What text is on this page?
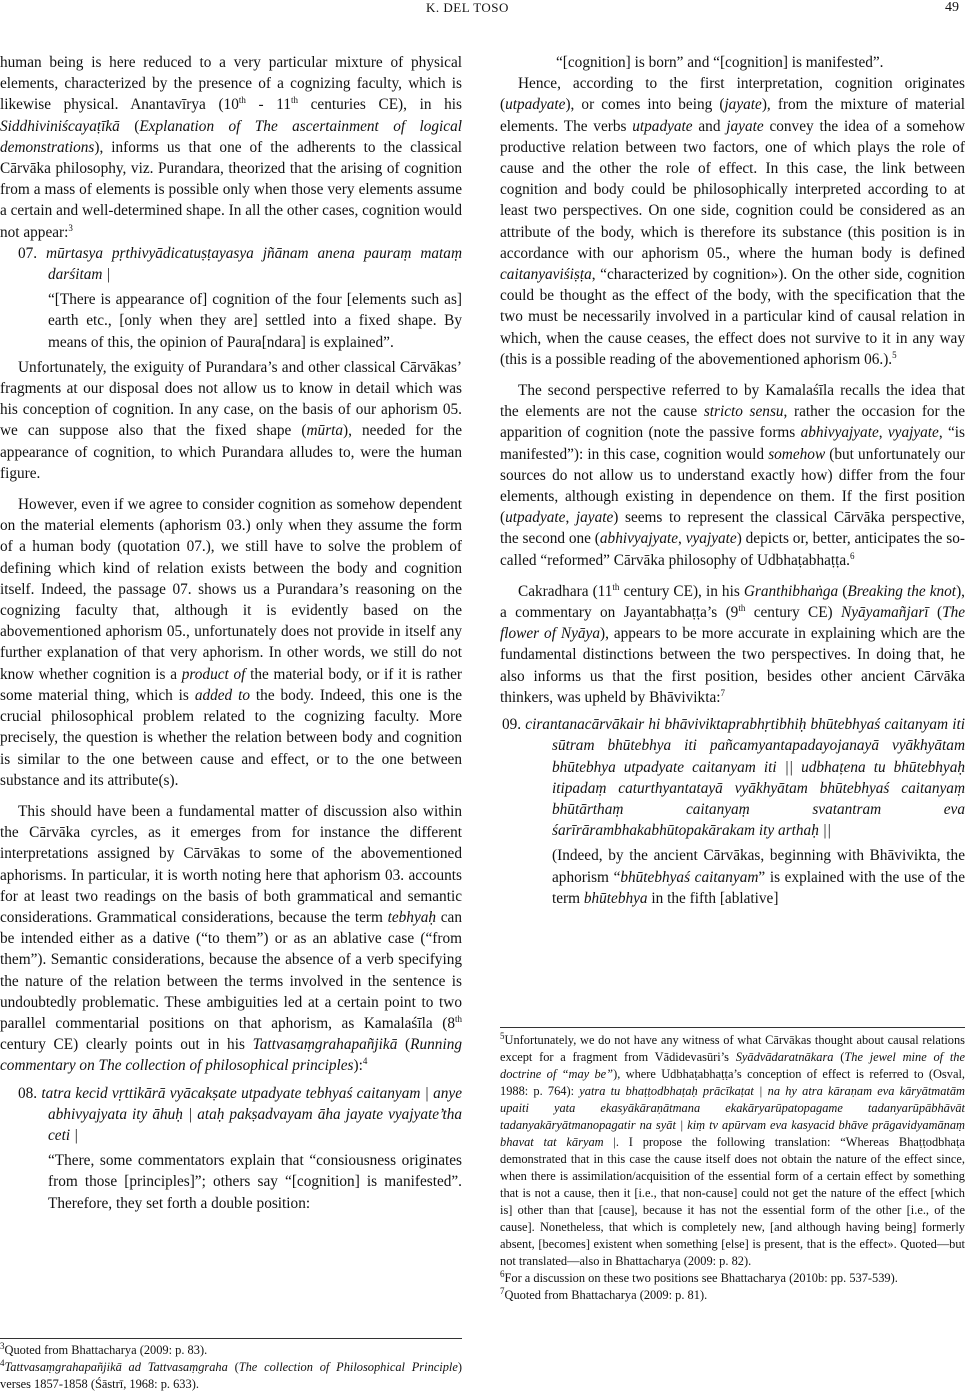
K. DEL TOSO	49

human being is here reduced to a very particular mixture of physical elements, characterized by the presence of a cognizing faculty, which is likewise physical. Anantavīrya (10th - 11th centuries CE), in his Siddhiviniścayaṭīkā (Explanation of The ascertainment of logical demonstrations), informs us that one of the adherents to the classical Cārvāka philosophy, viz. Purandara, theorized that the arising of cognition from a mass of elements is possible only when those very elements assume a certain and well-determined shape. In all the other cases, cognition would not appear:$^3$

07. mūrtasya pṛthivyādicatuṣṭayasya jñānam anena pauraṃ mataṃ darśitam |
“[There is appearance of] cognition of the four [elements such as] earth etc., [only when they are] settled into a fixed shape. By means of this, the opinion of Paura[ndara] is explained”.

Unfortunately, the exiguity of Purandara’s and other classical Cārvākas’ fragments at our disposal does not allow us to know in detail which was his conception of cognition. In any case, on the basis of our aphorism 05. we can suppose also that the fixed shape (mūrta), needed for the appearance of cognition, to which Purandara alludes to, were the human figure.

However, even if we agree to consider cognition as somehow dependent on the material elements (aphorism 03.) only when they assume the form of a human body (quotation 07.), we still have to solve the problem of defining which kind of relation exists between the body and cognition itself. Indeed, the passage 07. shows us a Purandara’s reasoning on the cognizing faculty that, although it is evidently based on the abovementioned aphorism 05., unfortunately does not provide in itself any further explanation of that very aphorism. In other words, we still do not know whether cognition is a product of the material body, or if it is rather some material thing, which is added to the body. Indeed, this one is the crucial philosophical problem related to the cognizing faculty. More precisely, the question is whether the relation between body and cognition is similar to the one between cause and effect, or to the one between substance and its attribute(s).

This should have been a fundamental matter of discussion also within the Cārvāka cyrcles, as it emerges from for instance the different interpretations assigned by Cārvākas to some of the abovementioned aphorisms. In particular, it is worth noting here that aphorism 03. accounts for at least two readings on the basis of both grammatical and semantic considerations. Grammatical considerations, because the term tebhyaḥ can be intended either as a dative (“to them”) or as an ablative case (“from them”). Semantic considerations, because the absence of a verb specifying the nature of the relation between the terms involved in the sentence is undoubtedly problematic. These ambiguities led at a certain point to two parallel commentarial positions on that aphorism, as Kamalaśīla (8th century CE) clearly points out in his Tattvasaṃgrahapañjikā (Running commentary on The collection of philosophical principles):$^4$

08. tatra kecid vṛttikārā vyācakṣate utpadyate tebhyaś caitanyam | anye abhivyajyata ity āhuḥ | ataḥ pakṣadvayam āha jayate vyajyate’tha ceti |
“There, some commentators explain that “consiousness originates from those [principles]”; others say “[cognition] is manifested”. Therefore, they set forth a double position:

$^3$Quoted from Bhattacharya (2009: p. 83).

$^4$Tattvasaṃgrahapañjikā ad Tattvasaṃgraha (The collection of Philosophical Principle) verses 1857-1858 (Śāstrī, 1968: p. 633).

“[cognition] is born” and “[cognition] is manifested”.

Hence, according to the first interpretation, cognition originates (utpadyate), or comes into being (jayate), from the mixture of material elements. The verbs utpadyate and jayate convey the idea of a somehow productive relation between two factors, one of which plays the role of cause and the other the role of effect. In this case, the link between cognition and body could be philosophically interpreted according to at least two perspectives. On one side, cognition could be considered as an attribute of the body, which is therefore its substance (this position is in accordance with our aphorism 05., where the human body is defined caitanyaviśiṣṭa, “characterized by cognition»). On the other side, cognition could be thought as the effect of the body, with the specification that the two must be necessarily involved in a particular kind of causal relation in which, when the cause ceases, the effect does not survive to it in any way (this is a possible reading of the abovementioned aphorism 06.).$^5$

The second perspective referred to by Kamalaśīla recalls the idea that the elements are not the cause stricto sensu, rather the occasion for the apparition of cognition (note the passive forms abhivyajyate, vyajyate, “is manifested”): in this case, cognition would somehow (but unfortunately our sources do not allow us to understand exactly how) differ from the four elements, although existing in dependence on them. If the first position (utpadyate, jayate) seems to represent the classical Cārvāka perspective, the second one (abhivyajyate, vyajyate) depicts or, better, anticipates the so-called “reformed” Cārvāka philosophy of Udbhaṭabhaṭṭa.$^6$

Cakradhara (11th century CE), in his Granthibhaṅga (Breaking the knot), a commentary on Jayantabhaṭṭa’s (9th century CE) Nyāyamañjarī (The flower of Nyāya), appears to be more accurate in explaining which are the fundamental distinctions between the two perspectives. In doing that, he also informs us that the first position, besides other ancient Cārvāka thinkers, was upheld by Bhāvivikta:$^7$

09. cirantanacārvākair hi bhāviviktaprabhṛtibhiḥ bhūtebhyaś caitanyam iti sūtram bhūtebhya iti pañcamyantapadayojanayā vyākhyātam bhūtebhya utpadyate caitanyam iti || udbhaṭena tu bhūtebhyaḥ itipadaṃ caturthyantatayā vyākhyātam bhūtebhyaś caitanyaṃ bhūtārthaṃ caitanyaṃ svatantram eva śarīrārambhakabhūtopakārakam ity arthaḥ ||
(Indeed, by the ancient Cārvākas, beginning with Bhāvivikta, the aphorism “bhūtebhyaś caitanyam” is explained with the use of the term bhūtebhya in the fifth [ablative]

$^5$Unfortunately, we do not have any witness of what Cārvākas thought about causal relations except for a fragment from Vādidevasūri’s Syādvādaratnākara (The jewel mine of the doctrine of “may be”), where Udbhaṭabhaṭṭa’s conception of effect is referred to (Osval, 1988: p. 764): yatra tu bhaṭṭodbhaṭaḥ prācīkaṭat | na hy atra kāraṇam eva kāryātmatām upaiti yata ekasyākāraṇātmana ekakāryarūpatopagame tadanyarūpābhāvāt tadanyakāryātmanopagatir na syāt | kiṃ tv apūrvam eva kasyacid bhāve prāgavidyamānaṃ bhavat tat kāryam |. I propose the following translation: “Whereas Bhaṭṭodbhaṭa demonstrated that in this case the cause itself does not obtain the nature of the effect since, when there is assimilation/acquisition of the essential form of a certain effect by something that is not a cause, then it [i.e., that non-cause] could not get the nature of the effect [which is] other than that [cause], because it has not the essential form of the other [i.e., of the cause]. Nonetheless, that which is completely new, [and although having being] formerly absent, [becomes] existent when something [else] is present, that is the effect». Quoted—but not translated—also in Bhattacharya (2009: p. 82).

$^6$For a discussion on these two positions see Bhattacharya (2010b: pp. 537-539).

$^7$Quoted from Bhattacharya (2009: p. 81).
